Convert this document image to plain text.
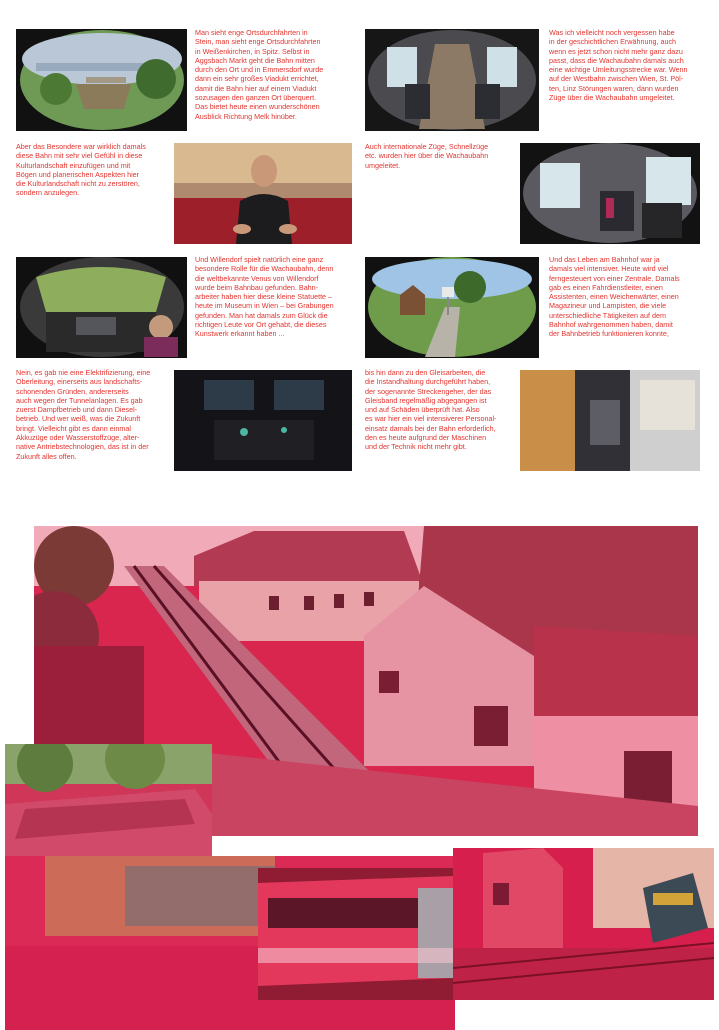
Man sieht enge Ortsdurchfahrten in
Stein, man sieht enge Ortsdurchfahrten
in Weißenkirchen, in Spitz. Selbst in
Aggsbach Markt geht die Bahn mitten
durch den Ort und in Emmersdorf wurde
dann ein sehr großes Viadukt errichtet,
damit die Bahn hier auf einem Viadukt
sozusagen den ganzen Ort überquert.
Das bietet heute einen wunderschönen
Ausblick Richtung Melk hinüber.

Was ich vielleicht noch vergessen habe
in der geschichtlichen Erwähnung, auch
wenn es jetzt schon nicht mehr ganz dazu
passt, dass die Wachaubahn damals auch
eine wichtige Umleitungsstrecke war. Wenn
auf der Westbahn zwischen Wien, St. Pöl-
ten, Linz Störungen waren, dann wurden
Züge über die Wachaubahn umgeleitet.

Aber das Besondere war wirklich damals
diese Bahn mit sehr viel Gefühl in diese
Kulturlandschaft einzufügen und mit
Bögen und planerischen Aspekten hier
die Kulturlandschaft nicht zu zerstören,
sondern anzulegen.

Auch internationale Züge, Schnellzüge
etc. wurden hier über die Wachaubahn
umgeleitet.

Und Willendorf spielt natürlich eine ganz
besondere Rolle für die Wachaubahn, denn
die weltbekannte Venus von Willendorf
wurde beim Bahnbau gefunden. Bahn-
arbeiter haben hier diese kleine Statuette –
heute im Museum in Wien – bei Grabungen
gefunden. Man hat damals zum Glück die
richtigen Leute vor Ort gehabt, die dieses
Kunstwerk erkannt haben ...

Und das Leben am Bahnhof war ja
damals viel intensiver. Heute wird viel
ferngesteuert von einer Zentrale. Damals
gab es einen Fahrdienstleiter, einen
Assistenten, einen Weichenwärter, einen
Magazineur und Lampisten, die viele
unterschiedliche Tätigkeiten auf dem
Bahnhof wahrgenommen haben, damit
der Bahnbetrieb funktionieren konnte,

Nein, es gab nie eine Elektrifizierung, eine
Oberleitung, einerseits aus landschafts-
schonenden Gründen, andererseits
auch wegen der Tunnelanlagen. Es gab
zuerst Dampfbetrieb und dann Diesel-
betrieb. Und wer weiß, was die Zukunft
bringt. Vielleicht gibt es dann einmal
Akkuzüge oder Wasserstoffzüge, alter-
native Antriebstechnologien, das ist in der
Zukunft alles offen.

bis hin dann zu den Gleisarbeiten, die
die Instandhaltung durchgeführt haben,
der sogenannte Streckengeher, der das
Gleisband regelmäßig abgegangen ist
und auf Schäden überprüft hat. Also
es war hier ein viel intensiverer Personal-
einsatz damals bei der Bahn erforderlich,
den es heute aufgrund der Maschinen
und der Technik nicht mehr gibt.
